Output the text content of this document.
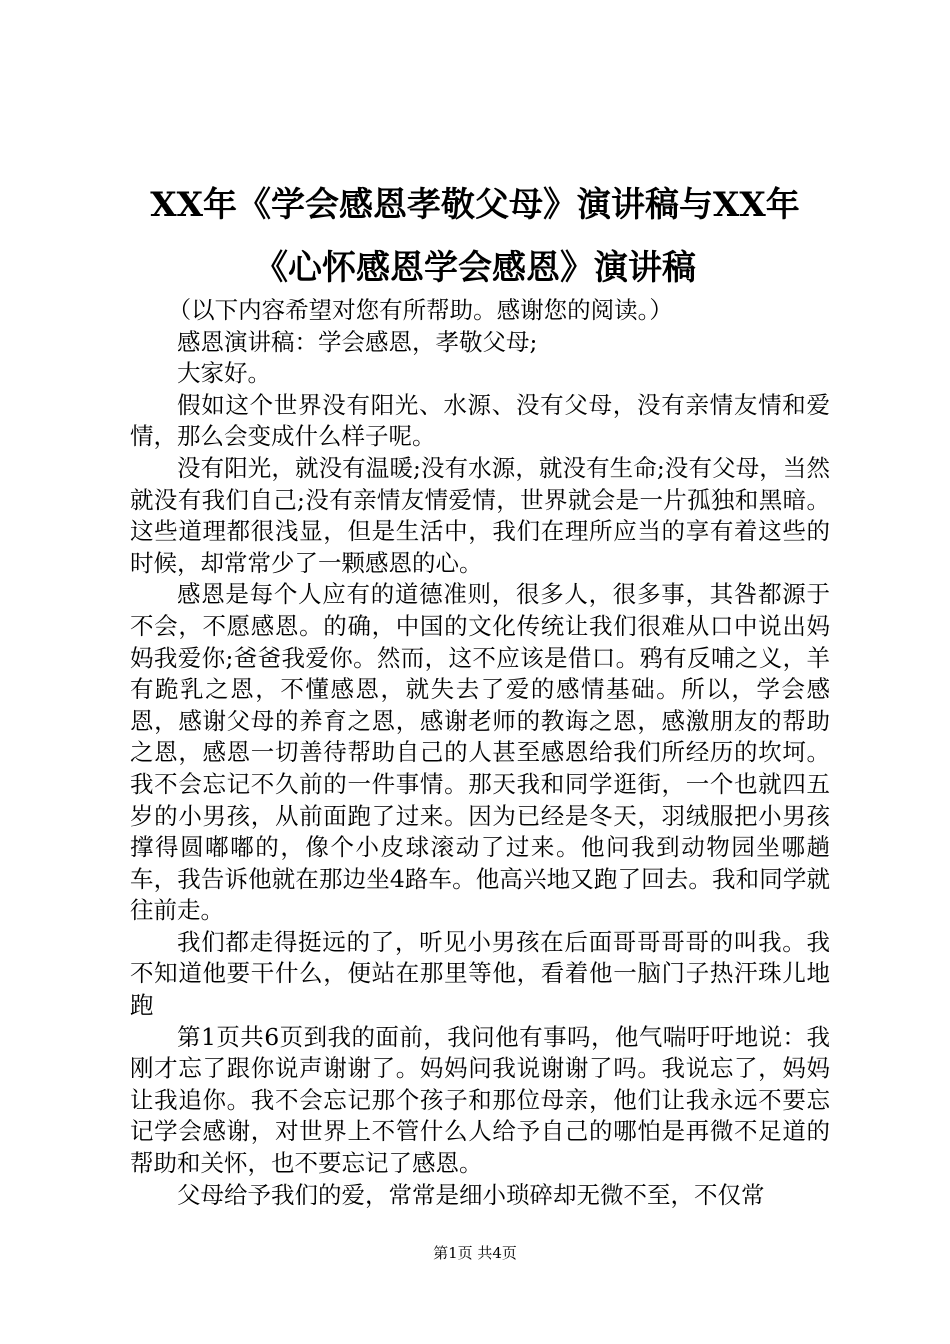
XX年《学会感恩孝敬父母》演讲稿与XX年
《心怀感恩学会感恩》演讲稿

（以下内容希望对您有所帮助。感谢您的阅读。）

感恩演讲稿：学会感恩，孝敬父母;

大家好。

假如这个世界没有阳光、水源、没有父母，没有亲情友情和爱情，那么会变成什么样子呢。

没有阳光，就没有温暖;没有水源，就没有生命;没有父母，当然就没有我们自己;没有亲情友情爱情，世界就会是一片孤独和黑暗。这些道理都很浅显，但是生活中，我们在理所应当的享有着这些的时候，却常常少了一颗感恩的心。

感恩是每个人应有的道德准则，很多人，很多事，其咎都源于不会，不愿感恩。的确，中国的文化传统让我们很难从口中说出妈妈我爱你;爸爸我爱你。然而，这不应该是借口。鸦有反哺之义，羊有跪乳之恩，不懂感恩，就失去了爱的感情基础。所以，学会感恩，感谢父母的养育之恩，感谢老师的教诲之恩，感激朋友的帮助之恩，感恩一切善待帮助自己的人甚至感恩给我们所经历的坎坷。我不会忘记不久前的一件事情。那天我和同学逛街，一个也就四五岁的小男孩，从前面跑了过来。因为已经是冬天，羽绒服把小男孩撑得圆嘟嘟的，像个小皮球滚动了过来。他问我到动物园坐哪趟车，我告诉他就在那边坐4路车。他高兴地又跑了回去。我和同学就往前走。

我们都走得挺远的了，听见小男孩在后面哥哥哥哥的叫我。我不知道他要干什么，便站在那里等他，看着他一脑门子热汗珠儿地跑

第1页共6页到我的面前，我问他有事吗，他气喘吁吁地说：我刚才忘了跟你说声谢谢了。妈妈问我说谢谢了吗。我说忘了，妈妈让我追你。我不会忘记那个孩子和那位母亲，他们让我永远不要忘记学会感谢，对世界上不管什么人给予自己的哪怕是再微不足道的帮助和关怀，也不要忘记了感恩。

父母给予我们的爱，常常是细小琐碎却无微不至，不仅常

第1页 共4页
